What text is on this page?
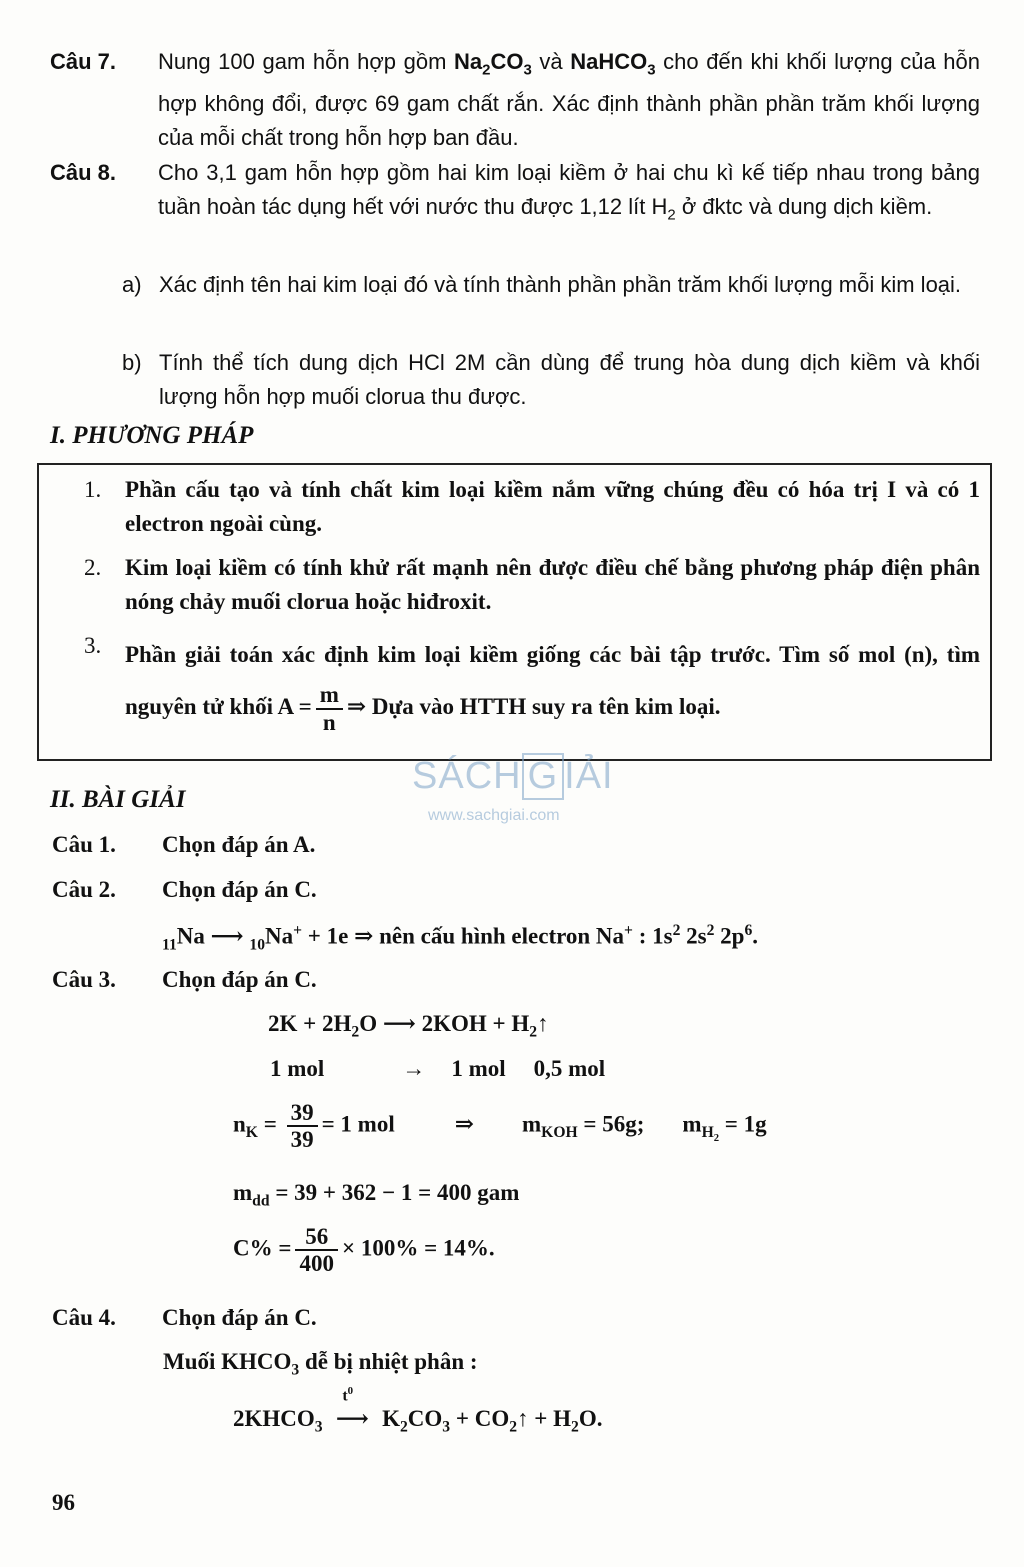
Câu 7. Nung 100 gam hỗn hợp gồm $Na_2CO_3$ và NaHCO$_3$ cho đến khi khối lượng của hỗn hợp không đổi, được 69 gam chất rắn. Xác định thành phần phần trăm khối lượng của mỗi chất trong hỗn hợp ban đầu.
Câu 8. Cho 3,1 gam hỗn hợp gồm hai kim loại kiềm ở hai chu kì kế tiếp nhau trong bảng tuần hoàn tác dụng hết với nước thu được 1,12 lít $H_2$ ở đktc và dung dịch kiềm.
a) Xác định tên hai kim loại đó và tính thành phần phần trăm khối lượng mỗi kim loại.
b) Tính thể tích dung dịch HCl 2M cần dùng để trung hòa dung dịch kiềm và khối lượng hỗn hợp muối clorua thu được.
I. PHƯƠNG PHÁP
1. Phần cấu tạo và tính chất kim loại kiềm nắm vững chúng đều có hóa trị I và có 1 electron ngoài cùng.
2. Kim loại kiềm có tính khử rất mạnh nên được điều chế bằng phương pháp điện phân nóng chảy muối clorua hoặc hiđroxit.
3. Phần giải toán xác định kim loại kiềm giống các bài tập trước. Tìm số mol (n), tìm nguyên tử khối $A = \frac{m}{n}$ ⇒ Dựa vào HTTH suy ra tên kim loại.
SÁCH G IẢI
www.sachgiai.com
II. BÀI GIẢI
Câu 1. Chọn đáp án A.
Câu 2. Chọn đáp án C.
$_{11}$Na ⟶ $_{10}$Na+ + 1e ⇒ nên cấu hình electron Na+ : $1s^2$ $2s^2$ $2p^6$.
Câu 3. Chọn đáp án C.
$2K + 2H_2O$ ⟶ $2KOH + H_2↑$
1 mol	→ 1 mol 0,5 mol
$n_K = \frac{39}{39} = 1$ mol	⇒ $m_{KOH} = 56g$; $m_{H_2} = 1g$
$m_{dd} = 39 + 362 - 1 = 400$ gam
$C\% = \frac{56}{400} \times 100\% = 14\%$.
Câu 4. Chọn đáp án C.
Muối $KHCO_3$ dễ bị nhiệt phân :
$2KHCO_3$
$t^0$
⟶ $K_2CO_3$ + $CO_2↑ + H_2O$.
96
